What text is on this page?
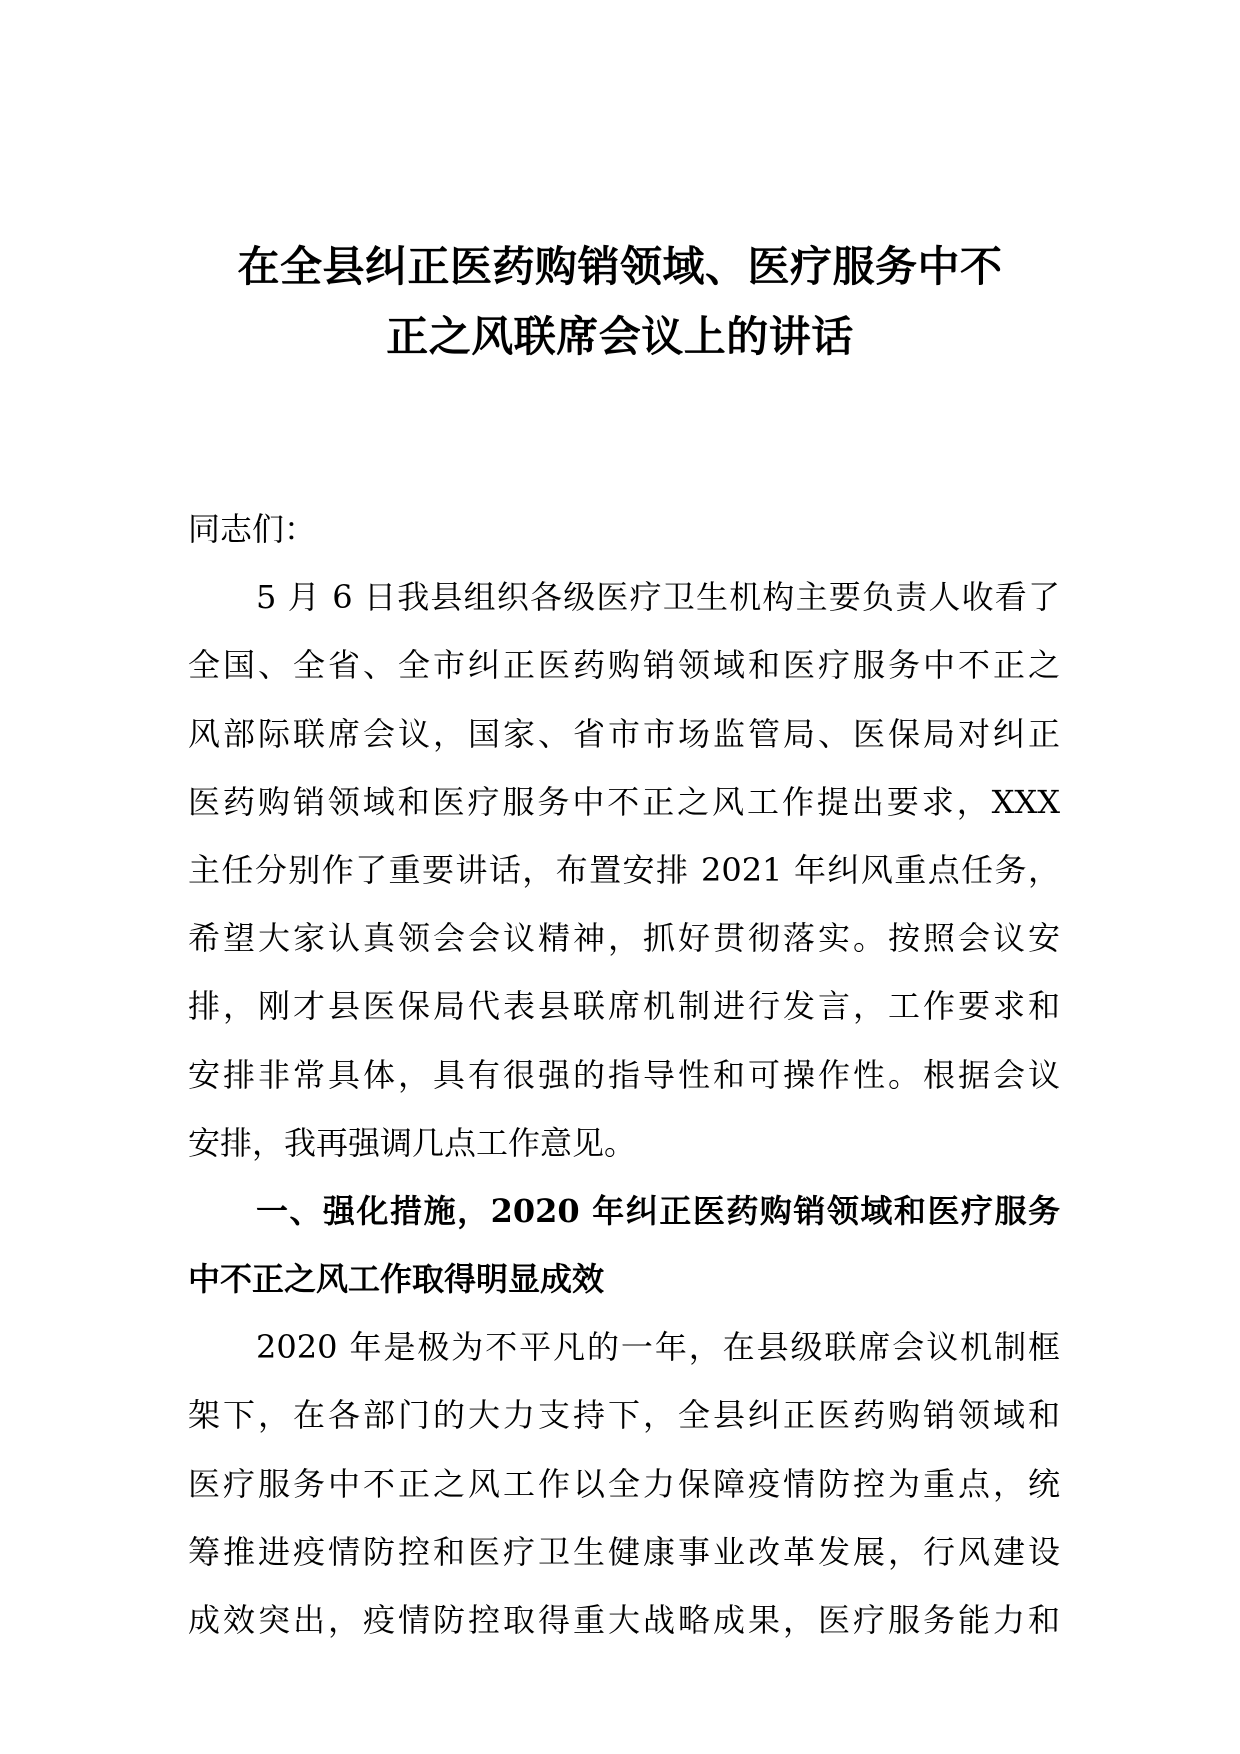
在全县纠正医药购销领域、医疗服务中不
正之风联席会议上的讲话
同志们：
5 月 6 日我县组织各级医疗卫生机构主要负责人收看了
全国、全省、全市纠正医药购销领域和医疗服务中不正之
风部际联席会议，国家、省市市场监管局、医保局对纠正
医药购销领域和医疗服务中不正之风工作提出要求，XXX
主任分别作了重要讲话，布置安排 2021 年纠风重点任务，
希望大家认真领会会议精神，抓好贯彻落实。按照会议安
排，刚才县医保局代表县联席机制进行发言，工作要求和
安排非常具体，具有很强的指导性和可操作性。根据会议
安排，我再强调几点工作意见。
一、强化措施，2020 年纠正医药购销领域和医疗服务
中不正之风工作取得明显成效
2020 年是极为不平凡的一年，在县级联席会议机制框
架下，在各部门的大力支持下，全县纠正医药购销领域和
医疗服务中不正之风工作以全力保障疫情防控为重点，统
筹推进疫情防控和医疗卫生健康事业改革发展，行风建设
成效突出，疫情防控取得重大战略成果，医疗服务能力和
